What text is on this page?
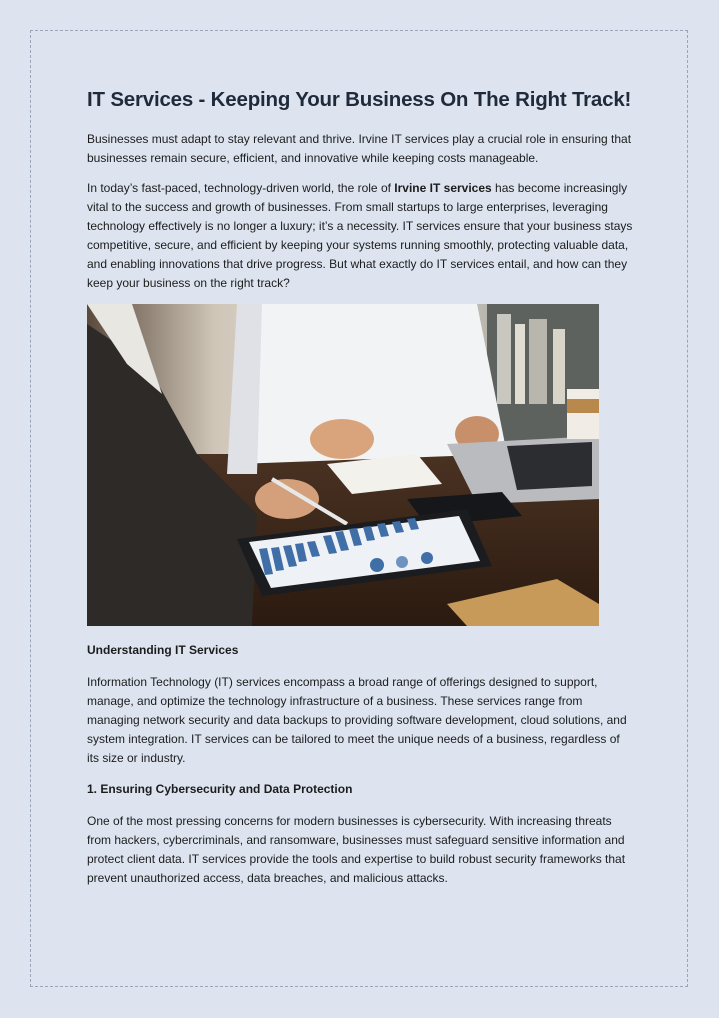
IT Services - Keeping Your Business On The Right Track!

Businesses must adapt to stay relevant and thrive. Irvine IT services play a crucial role in ensuring that businesses remain secure, efficient, and innovative while keeping costs manageable.

In today’s fast-paced, technology-driven world, the role of Irvine IT services has become increasingly vital to the success and growth of businesses. From small startups to large enterprises, leveraging technology effectively is no longer a luxury; it’s a necessity. IT services ensure that your business stays competitive, secure, and efficient by keeping your systems running smoothly, protecting valuable data, and enabling innovations that drive progress. But what exactly do IT services entail, and how can they keep your business on the right track?

Understanding IT Services

Information Technology (IT) services encompass a broad range of offerings designed to support, manage, and optimize the technology infrastructure of a business. These services range from managing network security and data backups to providing software development, cloud solutions, and system integration. IT services can be tailored to meet the unique needs of a business, regardless of its size or industry.

1. Ensuring Cybersecurity and Data Protection

One of the most pressing concerns for modern businesses is cybersecurity. With increasing threats from hackers, cybercriminals, and ransomware, businesses must safeguard sensitive information and protect client data. IT services provide the tools and expertise to build robust security frameworks that prevent unauthorized access, data breaches, and malicious attacks.
